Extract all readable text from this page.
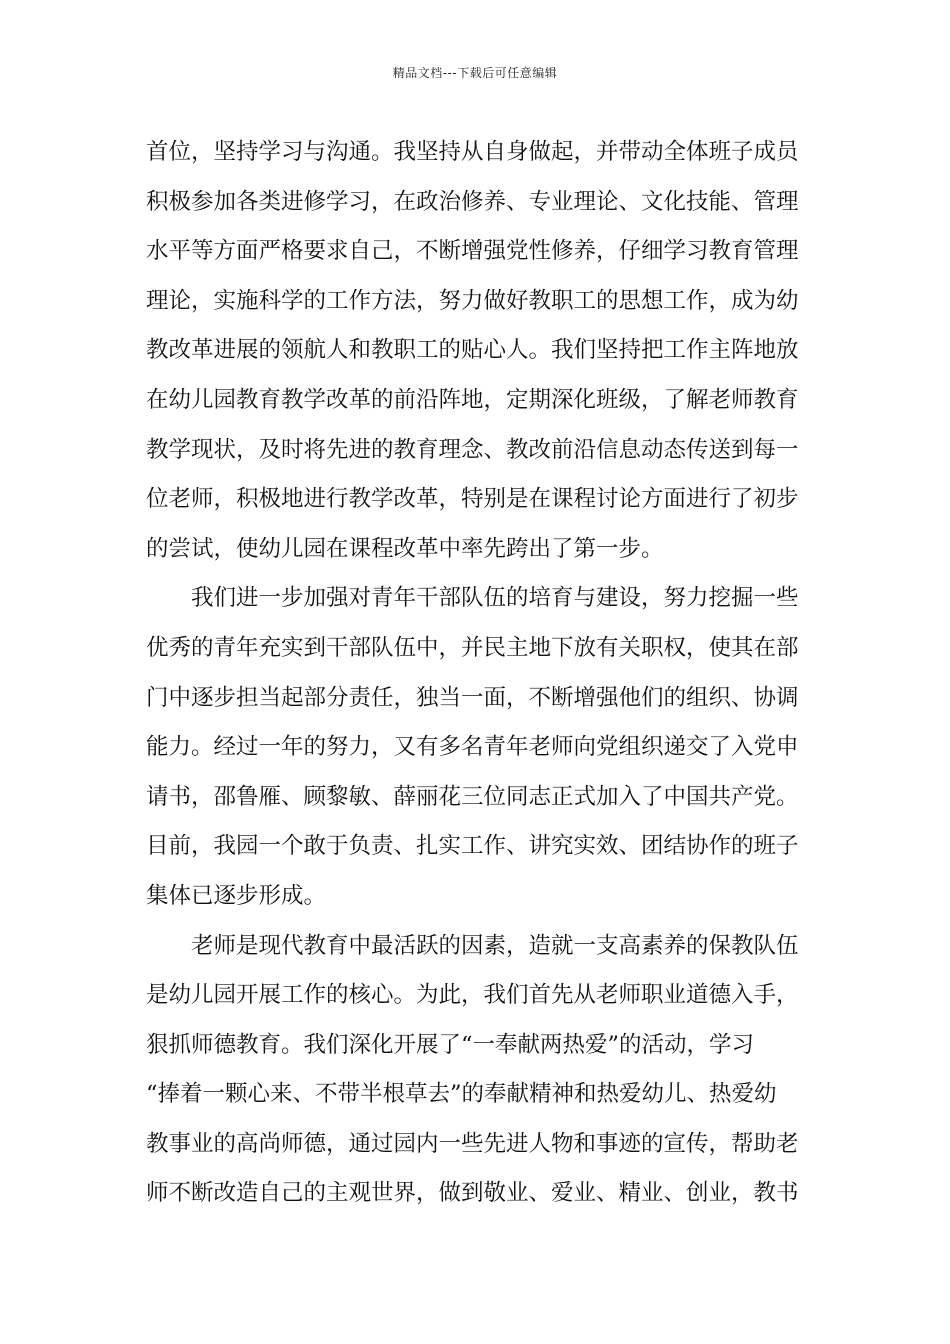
精品文档---下载后可任意编辑
首位，坚持学习与沟通。我坚持从自身做起，并带动全体班子成员
积极参加各类进修学习，在政治修养、专业理论、文化技能、管理
水平等方面严格要求自己，不断增强党性修养，仔细学习教育管理
理论，实施科学的工作方法，努力做好教职工的思想工作，成为幼
教改革进展的领航人和教职工的贴心人。我们坚持把工作主阵地放
在幼儿园教育教学改革的前沿阵地，定期深化班级，了解老师教育
教学现状，及时将先进的教育理念、教改前沿信息动态传送到每一
位老师，积极地进行教学改革，特别是在课程讨论方面进行了初步
的尝试，使幼儿园在课程改革中率先跨出了第一步。
我们进一步加强对青年干部队伍的培育与建设，努力挖掘一些
优秀的青年充实到干部队伍中，并民主地下放有关职权，使其在部
门中逐步担当起部分责任，独当一面，不断增强他们的组织、协调
能力。经过一年的努力，又有多名青年老师向党组织递交了入党申
请书，邵鲁雁、顾黎敏、薛丽花三位同志正式加入了中国共产党。
目前，我园一个敢于负责、扎实工作、讲究实效、团结协作的班子
集体已逐步形成。
老师是现代教育中最活跃的因素，造就一支高素养的保教队伍
是幼儿园开展工作的核心。为此，我们首先从老师职业道德入手，
狠抓师德教育。我们深化开展了“一奉献两热爱”的活动，学习
“捧着一颗心来、不带半根草去”的奉献精神和热爱幼儿、热爱幼
教事业的高尚师德，通过园内一些先进人物和事迹的宣传，帮助老
师不断改造自己的主观世界，做到敬业、爱业、精业、创业，教书
